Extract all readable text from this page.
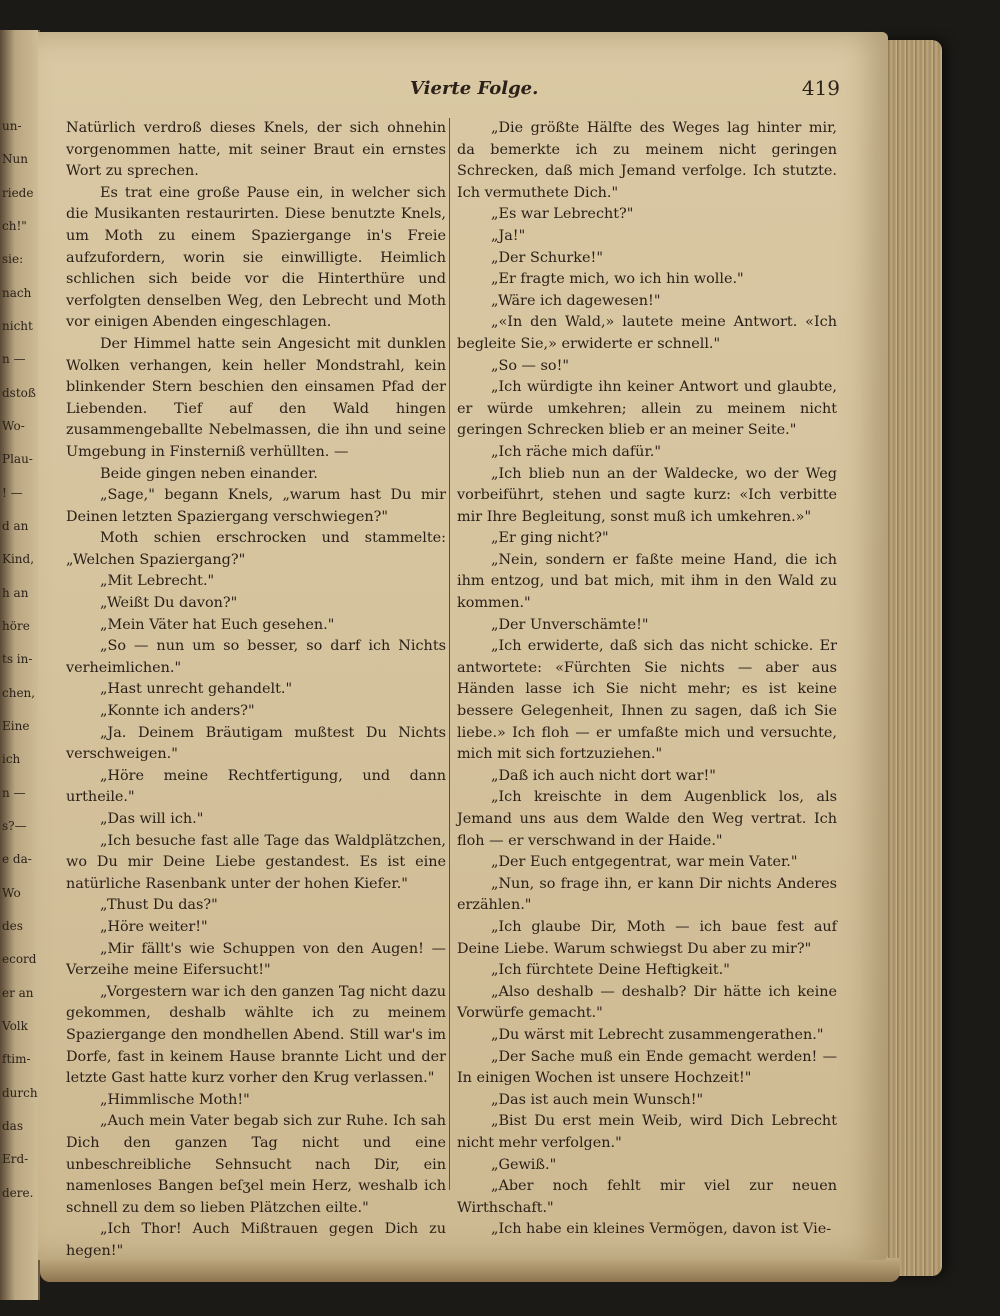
un-
Nun
riede
ch!"
sie:
nach
nicht
n —
dstoß
Wo-
Plau-
! —
d an
Kind,
h an
höre
ts in-
chen,
Eine
ich
n —
s?—
e da-
Wo
des
ecord
er an
Volk
ftim-
durch
das
Erd-
dere.
Vierte Folge.	419

Natürlich verdroß dieses Knels, der sich ohnehin vorgenommen hatte, mit seiner Braut ein ernstes Wort zu sprechen.

Es trat eine große Pause ein, in welcher sich die Musikanten restaurirten. Diese benutzte Knels, um Moth zu einem Spaziergange in's Freie aufzufordern, worin sie einwilligte. Heimlich schlichen sich beide vor die Hinterthüre und verfolgten denselben Weg, den Lebrecht und Moth vor einigen Abenden eingeschlagen.

Der Himmel hatte sein Angesicht mit dunklen Wolken verhangen, kein heller Mondstrahl, kein blinkender Stern beschien den einsamen Pfad der Liebenden. Tief auf den Wald hingen zusammengeballte Nebelmassen, die ihn und seine Umgebung in Finsterniß verhüllten. —

Beide gingen neben einander.

„Sage," begann Knels, „warum hast Du mir Deinen letzten Spaziergang verschwiegen?"

Moth schien erschrocken und stammelte: „Welchen Spaziergang?"

„Mit Lebrecht."

„Weißt Du davon?"

„Mein Väter hat Euch gesehen."

„So — nun um so besser, so darf ich Nichts verheimlichen."

„Hast unrecht gehandelt."

„Konnte ich anders?"

„Ja. Deinem Bräutigam mußtest Du Nichts verschweigen."

„Höre meine Rechtfertigung, und dann urtheile."

„Das will ich."

„Ich besuche fast alle Tage das Waldplätzchen, wo Du mir Deine Liebe gestandest. Es ist eine natürliche Rasenbank unter der hohen Kiefer."

„Thust Du das?"

„Höre weiter!"

„Mir fällt's wie Schuppen von den Augen! — Verzeihe meine Eifersucht!"

„Vorgestern war ich den ganzen Tag nicht dazu gekommen, deshalb wählte ich zu meinem Spaziergange den mondhellen Abend. Still war's im Dorfe, fast in keinem Hause brannte Licht und der letzte Gast hatte kurz vorher den Krug verlassen."

„Himmlische Moth!"

„Auch mein Vater begab sich zur Ruhe. Ich sah Dich den ganzen Tag nicht und eine unbeschreibliche Sehnsucht nach Dir, ein namenloses Bangen beſʒel mein Herz, weshalb ich schnell zu dem so lieben Plätzchen eilte."

„Ich Thor! Auch Mißtrauen gegen Dich zu hegen!"

„Die größte Hälfte des Weges lag hinter mir, da bemerkte ich zu meinem nicht geringen Schrecken, daß mich Jemand verfolge. Ich stutzte. Ich vermuthete Dich."

„Es war Lebrecht?"

„Ja!"

„Der Schurke!"

„Er fragte mich, wo ich hin wolle."

„Wäre ich dagewesen!"

„«In den Wald,» lautete meine Antwort. «Ich begleite Sie,» erwiderte er schnell."

„So — so!"

„Ich würdigte ihn keiner Antwort und glaubte, er würde umkehren; allein zu meinem nicht geringen Schrecken blieb er an meiner Seite."

„Ich räche mich dafür."

„Ich blieb nun an der Waldecke, wo der Weg vorbeiführt, stehen und sagte kurz: «Ich verbitte mir Ihre Begleitung, sonst muß ich umkehren.»"

„Er ging nicht?"

„Nein, sondern er faßte meine Hand, die ich ihm entzog, und bat mich, mit ihm in den Wald zu kommen."

„Der Unverschämte!"

„Ich erwiderte, daß sich das nicht schicke. Er antwortete: «Fürchten Sie nichts — aber aus Händen lasse ich Sie nicht mehr; es ist keine bessere Gelegenheit, Ihnen zu sagen, daß ich Sie liebe.» Ich floh — er umfaßte mich und versuchte, mich mit sich fortzuziehen."

„Daß ich auch nicht dort war!"

„Ich kreischte in dem Augenblick los, als Jemand uns aus dem Walde den Weg vertrat. Ich floh — er verschwand in der Haide."

„Der Euch entgegentrat, war mein Vater."

„Nun, so frage ihn, er kann Dir nichts Anderes erzählen."

„Ich glaube Dir, Moth — ich baue fest auf Deine Liebe. Warum schwiegst Du aber zu mir?"

„Ich fürchtete Deine Heftigkeit."

„Also deshalb — deshalb? Dir hätte ich keine Vorwürfe gemacht."

„Du wärst mit Lebrecht zusammengerathen."

„Der Sache muß ein Ende gemacht werden! — In einigen Wochen ist unsere Hochzeit!"

„Das ist auch mein Wunsch!"

„Bist Du erst mein Weib, wird Dich Lebrecht nicht mehr verfolgen."

„Gewiß."

„Aber noch fehlt mir viel zur neuen Wirthschaft."

„Ich habe ein kleines Vermögen, davon ist Vie-
